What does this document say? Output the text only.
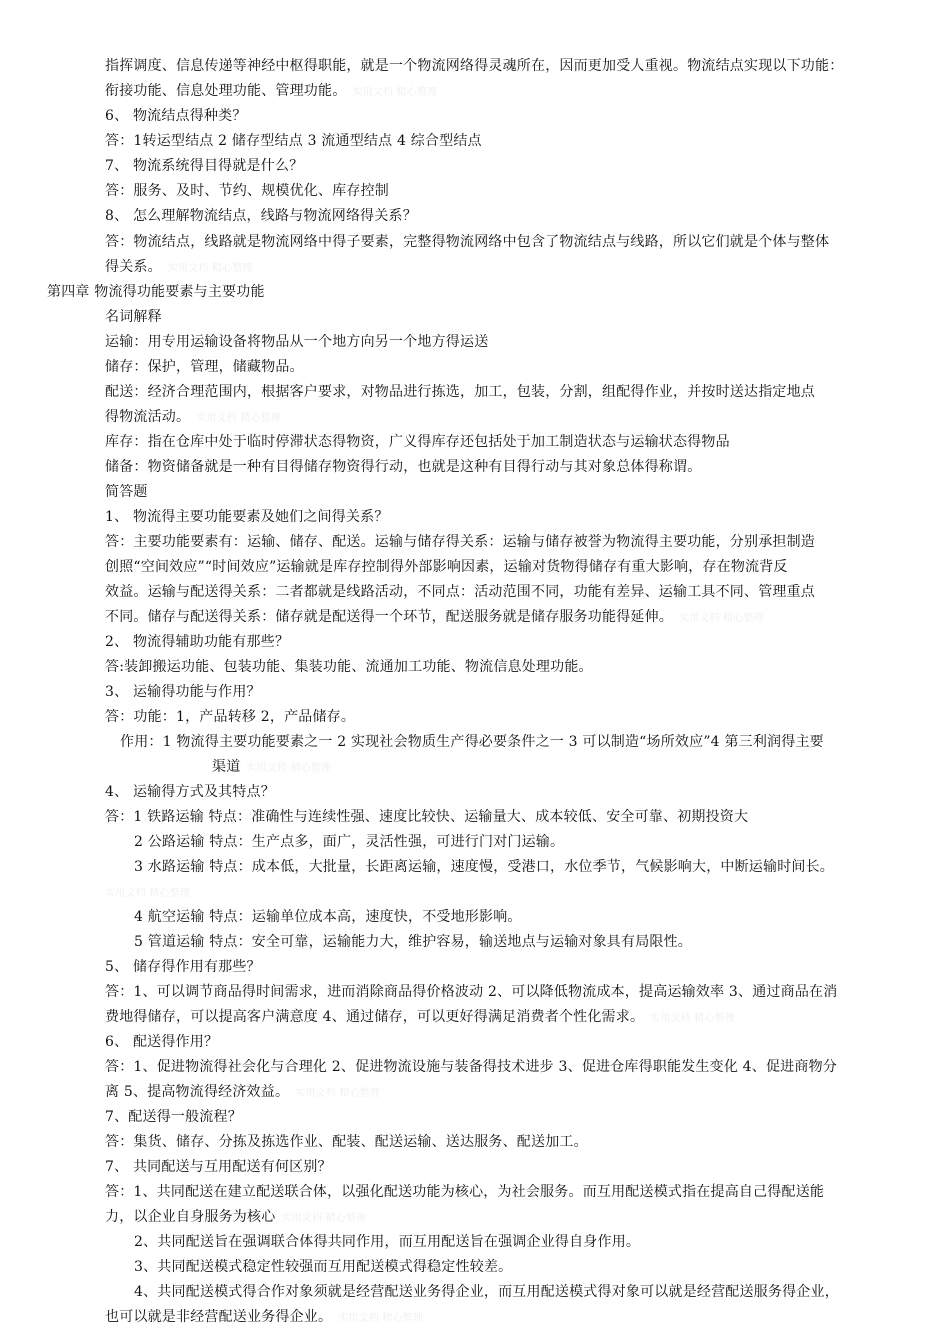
指挥调度、信息传递等神经中枢得职能，就是一个物流网络得灵魂所在，因而更加受人重视。物流结点实现以下功能：
衔接功能、信息处理功能、管理功能。 实用文档 精心整理
6、 物流结点得种类？
答：1转运型结点 2 储存型结点 3 流通型结点 4 综合型结点
7、 物流系统得目得就是什么？
答：服务、及时、节约、规模优化、库存控制
8、 怎么理解物流结点，线路与物流网络得关系？
答：物流结点，线路就是物流网络中得子要素，完整得物流网络中包含了物流结点与线路，所以它们就是个体与整体
得关系。 实用文档 精心整理
第四章 物流得功能要素与主要功能
名词解释
运输：用专用运输设备将物品从一个地方向另一个地方得运送
储存：保护，管理，储藏物品。
配送：经济合理范围内，根据客户要求，对物品进行拣选，加工，包装，分割，组配得作业，并按时送达指定地点
得物流活动。 实用文档 精心整理
库存：指在仓库中处于临时停滞状态得物资，广义得库存还包括处于加工制造状态与运输状态得物品
储备：物资储备就是一种有目得储存物资得行动，也就是这种有目得行动与其对象总体得称谓。
简答题
1、 物流得主要功能要素及她们之间得关系？
答：主要功能要素有：运输、储存、配送。运输与储存得关系：运输与储存被誉为物流得主要功能，分别承担制造
创照“空间效应”“时间效应”运输就是库存控制得外部影响因素，运输对货物得储存有重大影响，存在物流背反
效益。运输与配送得关系：二者都就是线路活动，不同点：活动范围不同，功能有差异、运输工具不同、管理重点
不同。储存与配送得关系：储存就是配送得一个环节，配送服务就是储存服务功能得延伸。 实用文档 精心整理
2、 物流得辅助功能有那些？
答:装卸搬运功能、包装功能、集装功能、流通加工功能、物流信息处理功能。
3、 运输得功能与作用？
答：功能：1，产品转移 2，产品储存。
作用：1 物流得主要功能要素之一 2 实现社会物质生产得必要条件之一 3 可以制造“场所效应”4 第三利润得主要
渠道 实用文档 精心整理
4、 运输得方式及其特点？
答：1 铁路运输 特点：准确性与连续性强、速度比较快、运输量大、成本较低、安全可靠、初期投资大
2 公路运输 特点：生产点多，面广，灵活性强，可进行门对门运输。
3 水路运输 特点：成本低，大批量，长距离运输，速度慢，受港口，水位季节，气候影响大，中断运输时间长。
实用文档 精心整理
4 航空运输 特点：运输单位成本高，速度快，不受地形影响。
5 管道运输 特点：安全可靠，运输能力大，维护容易，输送地点与运输对象具有局限性。
5、 储存得作用有那些？
答：1、可以调节商品得时间需求，进而消除商品得价格波动 2、可以降低物流成本，提高运输效率 3、通过商品在消
费地得储存，可以提高客户满意度 4、通过储存，可以更好得满足消费者个性化需求。 实用文档 精心整理
6、 配送得作用？
答：1、促进物流得社会化与合理化 2、促进物流设施与装备得技术进步 3、促进仓库得职能发生变化 4、促进商物分
离 5、提高物流得经济效益。 实用文档 精心整理
7、配送得一般流程？
答：集货、储存、分拣及拣选作业、配装、配送运输、送达服务、配送加工。
7、 共同配送与互用配送有何区别？
答：1、共同配送在建立配送联合体，以强化配送功能为核心，为社会服务。而互用配送模式指在提高自己得配送能
力，以企业自身服务为核心 实用文档 精心整理
2、共同配送旨在强调联合体得共同作用，而互用配送旨在强调企业得自身作用。
3、共同配送模式稳定性较强而互用配送模式得稳定性较差。
4、共同配送模式得合作对象须就是经营配送业务得企业，而互用配送模式得对象可以就是经营配送服务得企业，
也可以就是非经营配送业务得企业。 实用文档 精心整理
